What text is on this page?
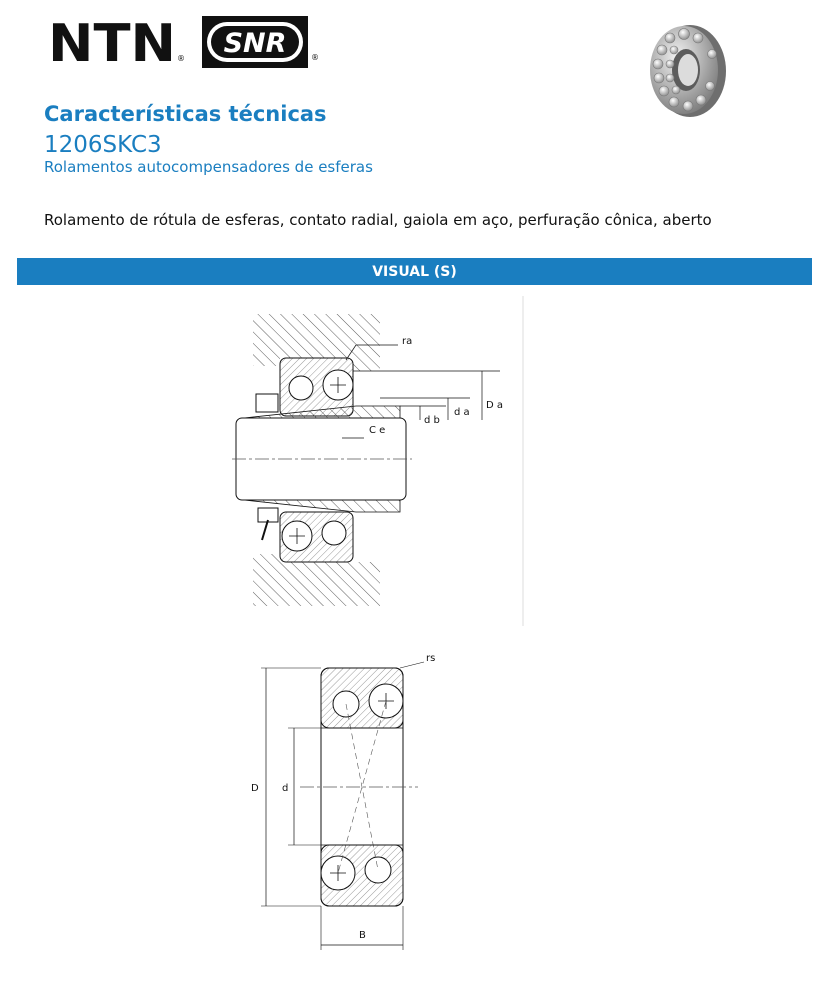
NTN ® SNR	®
Características técnicas
1206SKC3
Rolamentos autocompensadores de esferas
Rolamento de rótula de esferas, contato radial, gaiola em aço, perfuração cônica, aberto
VISUAL (S)
ra
d b
d a
D a
C e
rs
D d
B
